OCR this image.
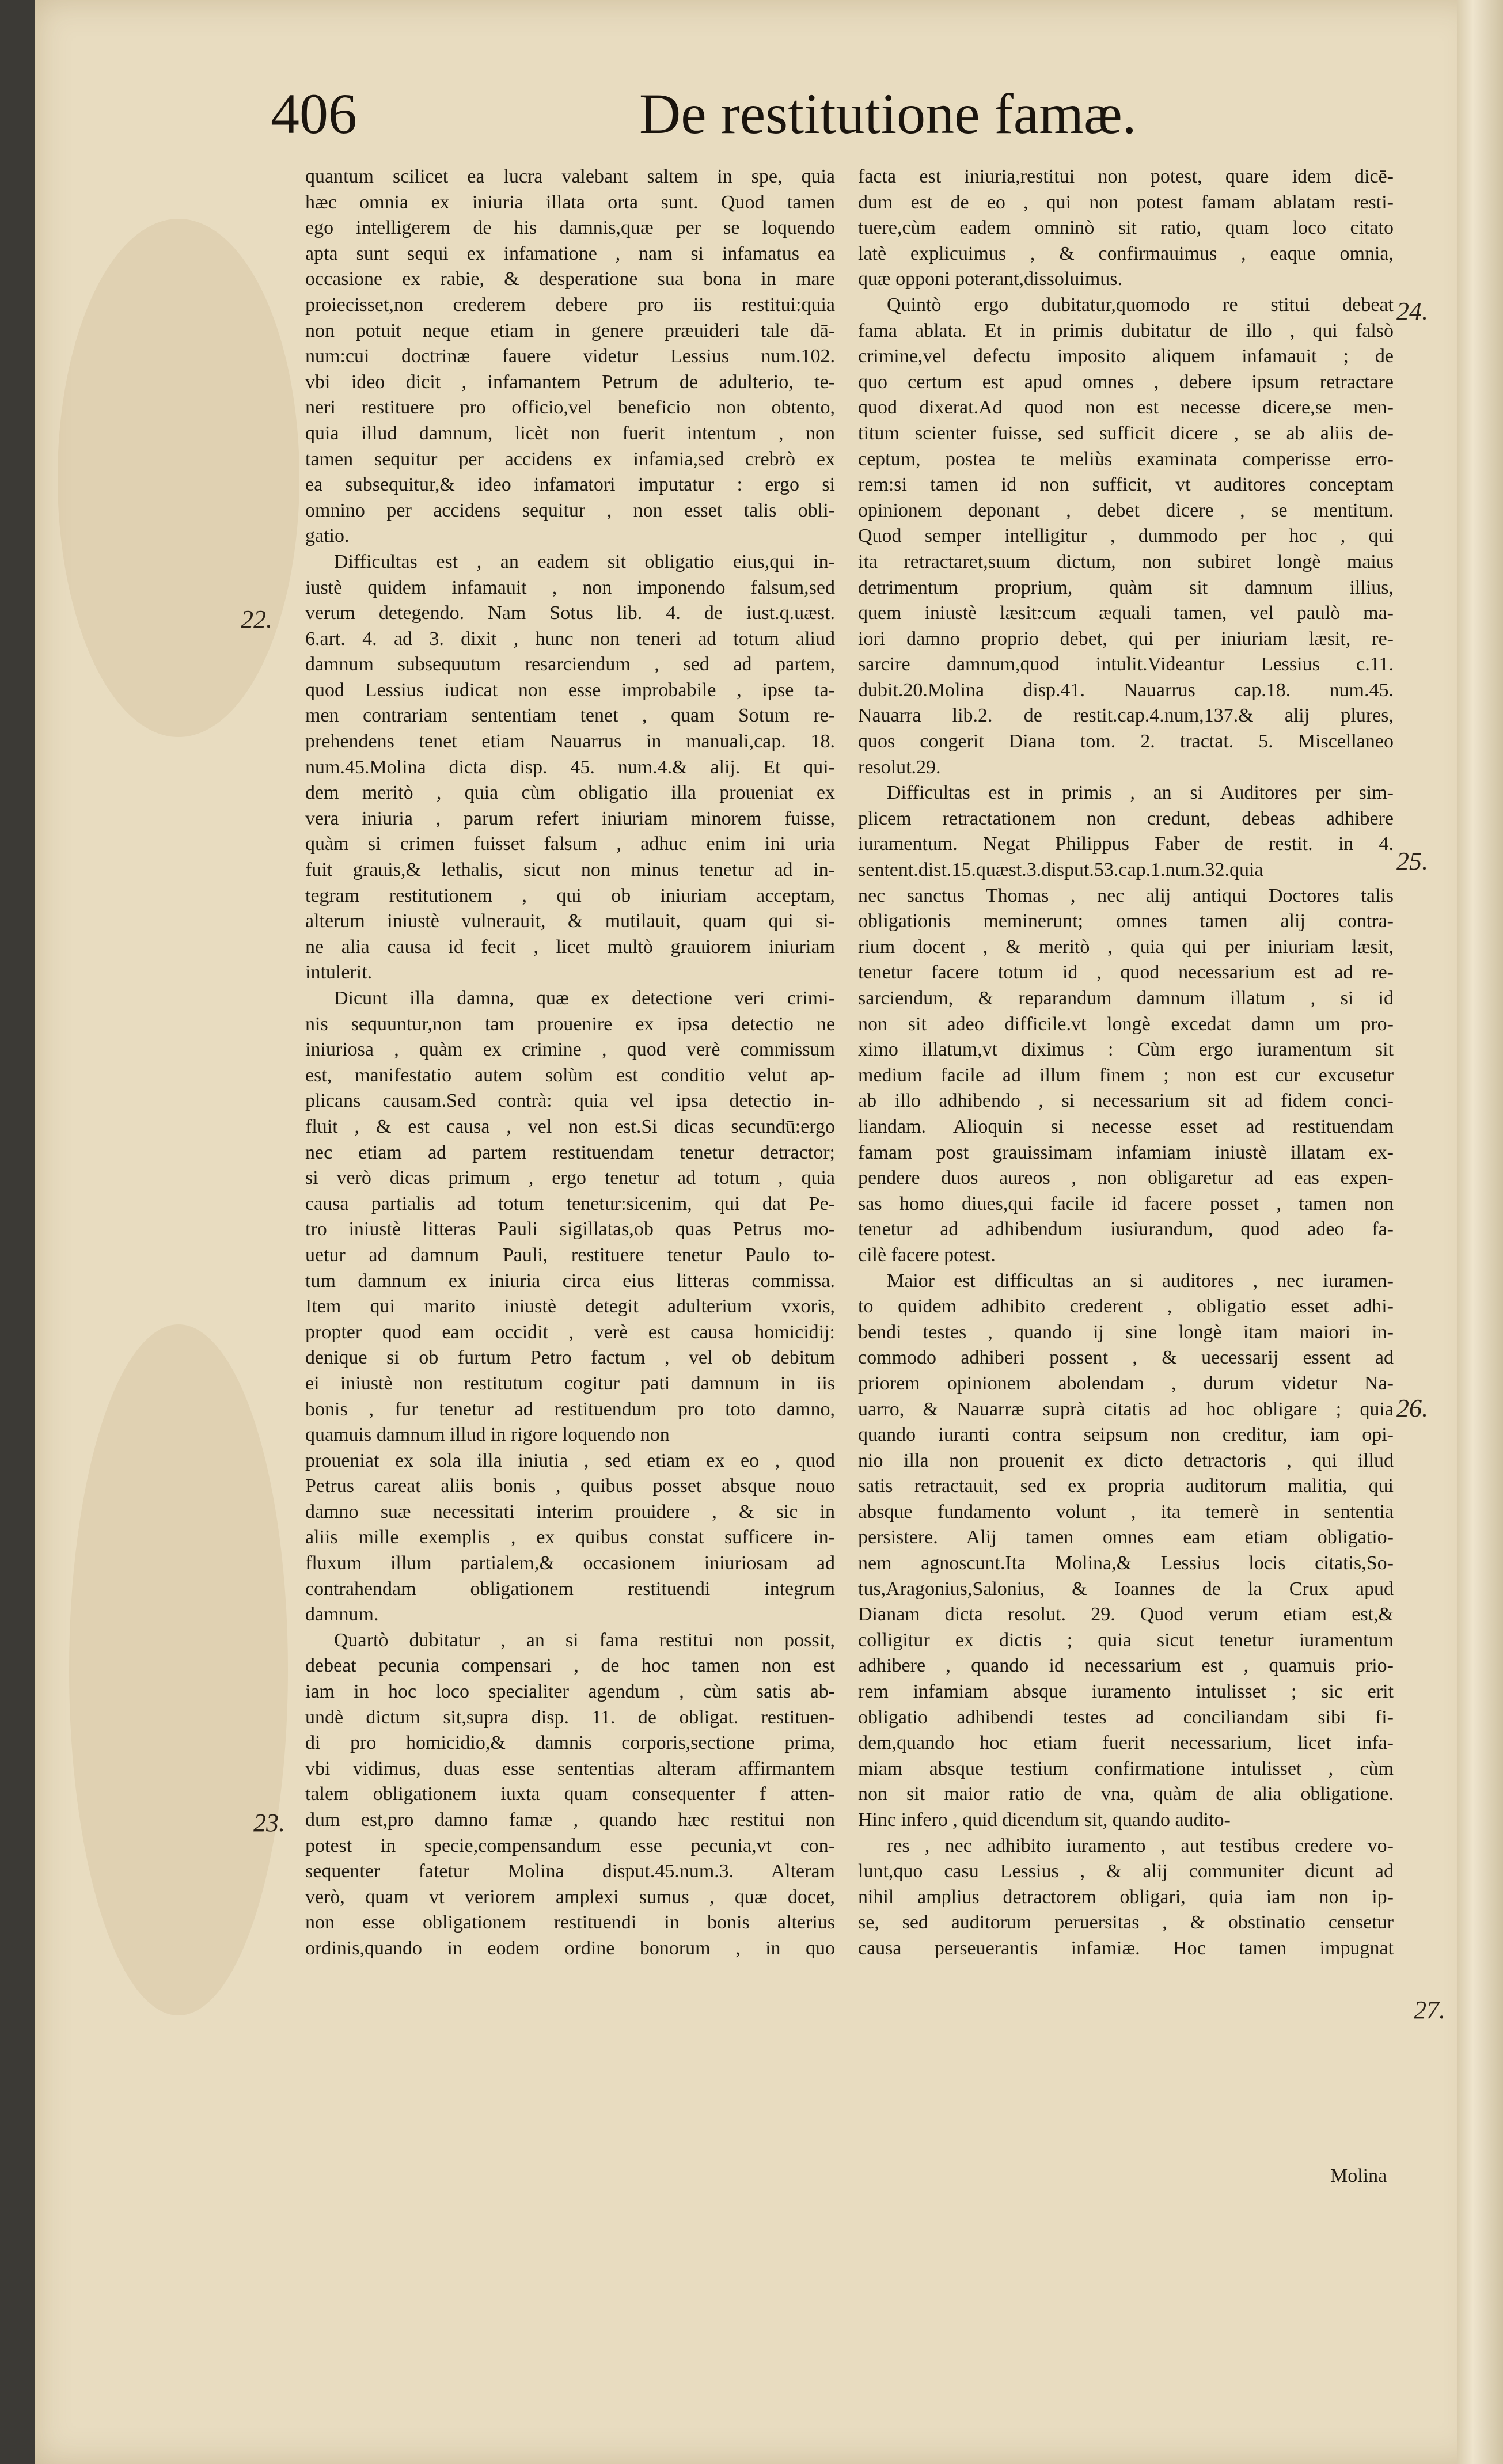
406	De restitutione famæ.
quantum scilicet ea lucra valebant saltem in spe, quia
hæc omnia ex iniuria illata orta sunt. Quod tamen
ego intelligerem de his damnis,quæ per se loquendo
apta sunt sequi ex infamatione , nam si infamatus ea
occasione ex rabie, & desperatione sua bona in mare
proiecisset,non crederem debere pro iis restitui:quia
non potuit neque etiam in genere præuideri tale dā-
num:cui doctrinæ fauere videtur Lessius num.102.
vbi ideo dicit , infamantem Petrum de adulterio, te-
neri restituere pro officio,vel beneficio non obtento,
quia illud damnum, licèt non fuerit intentum , non
tamen sequitur per accidens ex infamia,sed crebrò ex
ea subsequitur,& ideo infamatori imputatur : ergo si
omnino per accidens sequitur , non esset talis obli-
gatio.
Difficultas est , an eadem sit obligatio eius,qui in-
iustè quidem infamauit , non imponendo falsum,sed
verum detegendo. Nam Sotus lib. 4. de iust.q.uæst.
6.art. 4. ad 3. dixit , hunc non teneri ad totum aliud
damnum subsequutum resarciendum , sed ad partem,
quod Lessius iudicat non esse improbabile , ipse ta-
men contrariam sententiam tenet , quam Sotum re-
prehendens tenet etiam Nauarrus in manuali,cap. 18.
num.45.Molina dicta disp. 45. num.4.& alij. Et qui-
dem meritò , quia cùm obligatio illa proueniat ex
vera iniuria , parum refert iniuriam minorem fuisse,
quàm si crimen fuisset falsum , adhuc enim ini uria
fuit grauis,& lethalis, sicut non minus tenetur ad in-
tegram restitutionem , qui ob iniuriam acceptam,
alterum iniustè vulnerauit, & mutilauit, quam qui si-
ne alia causa id fecit , licet multò grauiorem iniuriam
intulerit.
Dicunt illa damna, quæ ex detectione veri crimi-
nis sequuntur,non tam prouenire ex ipsa detectio ne
iniuriosa , quàm ex crimine , quod verè commissum
est, manifestatio autem solùm est conditio velut ap-
plicans causam.Sed contrà: quia vel ipsa detectio in-
fluit , & est causa , vel non est.Si dicas secundū:ergo
nec etiam ad partem restituendam tenetur detractor;
si verò dicas primum , ergo tenetur ad totum , quia
causa partialis ad totum tenetur:sicenim, qui dat Pe-
tro iniustè litteras Pauli sigillatas,ob quas Petrus mo-
uetur ad damnum Pauli, restituere tenetur Paulo to-
tum damnum ex iniuria circa eius litteras commissa.
Item qui marito iniustè detegit adulterium vxoris,
propter quod eam occidit , verè est causa homicidij:
denique si ob furtum Petro factum , vel ob debitum
ei iniustè non restitutum cogitur pati damnum in iis
bonis , fur tenetur ad restituendum pro toto damno,
quamuis damnum illud in rigore loquendo non
proueniat ex sola illa iniutia , sed etiam ex eo , quod
Petrus careat aliis bonis , quibus posset absque nouo
damno suæ necessitati interim prouidere , & sic in
aliis mille exemplis , ex quibus constat sufficere in-
fluxum illum partialem,& occasionem iniuriosam ad
contrahendam obligationem restituendi integrum
damnum.
Quartò dubitatur , an si fama restitui non possit,
debeat pecunia compensari , de hoc tamen non est
iam in hoc loco specialiter agendum , cùm satis ab-
undè dictum sit,supra disp. 11. de obligat. restituen-
di pro homicidio,& damnis corporis,sectione prima,
vbi vidimus, duas esse sententias alteram affirmantem
talem obligationem iuxta quam consequenter f atten-
dum est,pro damno famæ , quando hæc restitui non
potest in specie,compensandum esse pecunia,vt con-
sequenter fatetur Molina disput.45.num.3. Alteram
verò, quam vt veriorem amplexi sumus , quæ docet,
non esse obligationem restituendi in bonis alterius
ordinis,quando in eodem ordine bonorum , in quo
facta est iniuria,restitui non potest, quare idem dicē-
dum est de eo , qui non potest famam ablatam resti-
tuere,cùm eadem omninò sit ratio, quam loco citato
latè explicuimus , & confirmauimus , eaque omnia,
quæ opponi poterant,dissoluimus.
Quintò ergo dubitatur,quomodo re stitui debeat
fama ablata. Et in primis dubitatur de illo , qui falsò
crimine,vel defectu imposito aliquem infamauit ; de
quo certum est apud omnes , debere ipsum retractare
quod dixerat.Ad quod non est necesse dicere,se men-
titum scienter fuisse, sed sufficit dicere , se ab aliis de-
ceptum, postea te meliùs examinata comperisse erro-
rem:si tamen id non sufficit, vt auditores conceptam
opinionem deponant , debet dicere , se mentitum.
Quod semper intelligitur , dummodo per hoc , qui
ita retractaret,suum dictum, non subiret longè maius
detrimentum proprium, quàm sit damnum illius,
quem iniustè læsit:cum æquali tamen, vel paulò ma-
iori damno proprio debet, qui per iniuriam læsit, re-
sarcire damnum,quod intulit.Videantur Lessius c.11.
dubit.20.Molina disp.41. Nauarrus cap.18. num.45.
Nauarra lib.2. de restit.cap.4.num,137.& alij plures,
quos congerit Diana tom. 2. tractat. 5. Miscellaneo
resolut.29.
Difficultas est in primis , an si Auditores per sim-
plicem retractationem non credunt, debeas adhibere
iuramentum. Negat Philippus Faber de restit. in 4.
sentent.dist.15.quæst.3.disput.53.cap.1.num.32.quia
nec sanctus Thomas , nec alij antiqui Doctores talis
obligationis meminerunt; omnes tamen alij contra-
rium docent , & meritò , quia qui per iniuriam læsit,
tenetur facere totum id , quod necessarium est ad re-
sarciendum, & reparandum damnum illatum , si id
non sit adeo difficile.vt longè excedat damn um pro-
ximo illatum,vt diximus : Cùm ergo iuramentum sit
medium facile ad illum finem ; non est cur excusetur
ab illo adhibendo , si necessarium sit ad fidem conci-
liandam. Alioquin si necesse esset ad restituendam
famam post grauissimam infamiam iniustè illatam ex-
pendere duos aureos , non obligaretur ad eas expen-
sas homo diues,qui facile id facere posset , tamen non
tenetur ad adhibendum iusiurandum, quod adeo fa-
cilè facere potest.
Maior est difficultas an si auditores , nec iuramen-
to quidem adhibito crederent , obligatio esset adhi-
bendi testes , quando ij sine longè itam maiori in-
commodo adhiberi possent , & uecessarij essent ad
priorem opinionem abolendam , durum videtur Na-
uarro, & Nauarræ suprà citatis ad hoc obligare ; quia
quando iuranti contra seipsum non creditur, iam opi-
nio illa non prouenit ex dicto detractoris , qui illud
satis retractauit, sed ex propria auditorum malitia, qui
absque fundamento volunt , ita temerè in sententia
persistere. Alij tamen omnes eam etiam obligatio-
nem agnoscunt.Ita Molina,& Lessius locis citatis,So-
tus,Aragonius,Salonius, & Ioannes de la Crux apud
Dianam dicta resolut. 29. Quod verum etiam est,&
colligitur ex dictis ; quia sicut tenetur iuramentum
adhibere , quando id necessarium est , quamuis prio-
rem infamiam absque iuramento intulisset ; sic erit
obligatio adhibendi testes ad conciliandam sibi fi-
dem,quando hoc etiam fuerit necessarium, licet infa-
miam absque testium confirmatione intulisset , cùm
non sit maior ratio de vna, quàm de alia obligatione.
Hinc infero , quid dicendum sit, quando audito-
res , nec adhibito iuramento , aut testibus credere vo-
lunt,quo casu Lessius , & alij communiter dicunt ad
nihil amplius detractorem obligari, quia iam non ip-
se, sed auditorum peruersitas , & obstinatio censetur
causa perseuerantis infamiæ. Hoc tamen impugnat
22.
23.
24.
25.
26.
27.
Molina
